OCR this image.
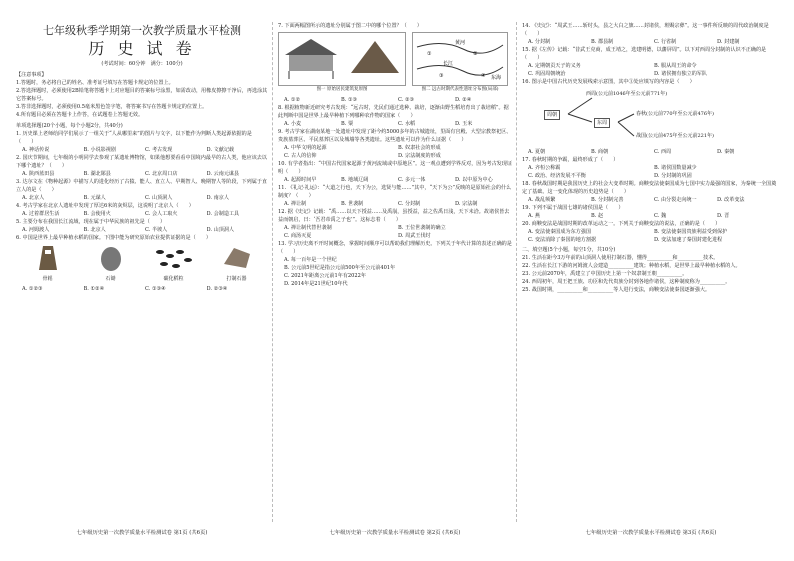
七年级秋季学期第一次教学质量水平检测
历 史 试 卷
(考试时间：60分钟　满分：100分)
【注意事项】
1.答题时，务必将自己的姓名、准考证号填写在答题卡规定的位置上。
2.答选择题时，必须使用2B铅笔将答题卡上对应题目的答案标号涂黑，如需改动，用橡皮擦擦干净后，再选涂其它答案标号。
3.答非选择题时，必须使用0.5毫米黑色签字笔，将答案书写在答题卡规定的位置上。
4.所有题目必须在答题卡上作答，在试题卷上答题无效。
单项选择题(20个小题，每个小题2分，共40分)
1. 历史课上老师给同学们展示了一组关于“人从哪里来”的图片与文字，以下能作为判断人类起源依据的是（　　）
A. 神话传说	B. 小说影视剧	C. 考古发现	D. 文献记载
2. 国庆节期间，七年级的小明同学去参观了某遗址博物馆，如果他想要看看中国境内最早的古人类，他应该去以下哪个遗址？（　　）
A. 陕西蓝田县	B. 湖北郧县	C. 北京周口店	D. 云南元谋县
3. 达尔文在《物种起源》中描写人的进化经历了古猿、能人、直立人、早期智人、晚期智人等阶段，下列属于直立人的是（　　）
A. 北京人	B. 元谋人	C. 山顶洞人	D. 南京人
4. 考古学家在北京人遗址中发现了厚达6米的灰烬层，这说明了北京人（　　）
A. 过着群居生活	B. 会使用火	C. 会人工取火	D. 会制造工具
5. 主要分布在我国长江流域，现在属于中华民族的祖先是（　　）
A. 河姆渡人	B. 北京人	C. 半坡人	D. 山顶洞人
6. 中国是世界上最早种植水稻的国家。下图中能为研究原始农业提供证据的是（　　）
骨耜	石锄	碳化稻粒	打制石器
A. ①②③	B. ①②④	C. ①③④	D. ②③④
7. 下面两幅图所示的遗址分别属于图二中的哪个位置？（　　）
图一 原始居民建筑复原图
黄河
长江
东海
①	②
③	④
图二 远古时期代表性遗址分布图(局部)
A. ①②	B. ①③	C. ②③	D. ②④
8. 根据植物新近研究考古发现：“远古时，先民们通过选种、栽培，逐渐由野生稻培育出了栽培稻”。据此判断中国是世界上最早种植下列哪种农作物的国家（　　）
A. 小麦	B. 粟	C. 水稻	D. 玉米
9. 考古学家在湖南某地一处遗址中发现了距今约5000多年的古城遗址，里面有宫殿、大型宗教祭祀区、贵族墓葬区、平民墓葬区以及城墙等各类遗址。这些遗址可以作为什么证据（　　）
A. 中华文明的起源	B. 奴隶社会的形成
C. 古人的信仰	D. 宗法制度的形成
10. 有学者指出：“中国古代国家起源于黄河流域或中原地区”。这一观点遭到学界反对，因为考古发现证明（　　）
A. 起源时间早	B. 地域辽阔	C. 多元一体	D. 以中原为中心
11. 《礼记·礼运》：“大道之行也，天下为公，选贤与能……”其中，“天下为公”反映的是原始社会的什么制度？（　　）
A. 禅让制	B. 世袭制	C. 分封制	D. 宗法制
12. 据《史记》记载：“禹……以天下授益……及禹崩，虽授益，益之佐禹日浅，天下未洽。故诸侯皆去益而朝启，曰：‘吾君帝禹之子也’”。这标志着（　　）
A. 禅让制代替世袭制	B. 王位世袭制的确立
C. 商汤灭夏	D. 周武王伐纣
13. 学习历史离不开时间概念，掌握时间顺序可以帮助我们理解历史。下列关于年代计算的表述正确的是（　　）
A. 每一百年是一个世纪
B. 公元前5世纪是指公元前500年至公元前401年
C. 2021年距离公元前1年有2022年
D. 2014年是21世纪10年代
14. 《史记》：“周武王……斩纣头，县之大白之旗……封诸侯，班赐宗彝”。这一事件所反映的周代政治制度是（　　）
A. 分封制	B. 郡县制	C. 行省制	D. 封建制
15. 据《左传》记载：“昔武王克商，成王靖之，选建明德，以藩屏周”。以下对西周分封制的认识不正确的是（　　）
A. 定期朝贡天子的义务	B. 服从周王的命令
C. 巩固周朝统治	D. 诸侯拥有独立的军队
16. 图示是中国古代历史发展线索示意图，其中③处应填写的内容是（　　）
西周(公元前1046年至公元前771年)
周朝
东周
春秋(公元前770年至公元前476年)
战国(公元前475年至公元前221年)
A. 夏朝	B. 商朝	C. 西周	D. 秦朝
17. 春秋时期的争霸，最终形成了（　　）
A. 齐桓公称霸	B. 诸侯国数量减少
C. 政治、经济发展不平衡	D. 分封制的巩固
18. 春秋战国时期是我国历史上的社会大变革时期。商鞅变法使秦国成为七国中实力最强的国家，为秦统一全国奠定了基础。这一变化体现的历史趋势是（　　）
A. 战乱频繁	B. 分封制完善	C. 由分裂走向统一	D. 改革变法
19. 下列不属于战国七雄的诸侯国是（　　）
A. 燕	B. 赵	C. 魏	D. 晋
20. 商鞅变法是战国时期的改革运动之一。下列关于商鞅变法的说法，正确的是（　　）
A. 变法使秦国成为东方强国	B. 变法使秦国贵族利益受到保护
C. 变法消除了秦国的地方割据	D. 变法加速了秦国封建化进程
二、填空题(5个小题，每空1分，共10分)
21. 生活在距今3万年前的山顶洞人使用打制石器，懂得__________和__________技术。
22. 生活在长江下游的河姆渡人会建造__________建筑；种植水稻，是世界上最早种植水稻的人。
23. 公元前2070年，禹建立了中国历史上第一个奴隶制王朝__________。
24. 西周初年，周王把王族、功臣和先代贵族分封到各地作诸侯，这种制度称为__________。
25. 战国时期，__________和__________等人进行变法，商鞅变法使秦国逐渐强大。
七年级历史第一次教学质量水平检测试卷 第1页 (共6页)	七年级历史第一次教学质量水平检测试卷 第2页 (共6页)	七年级历史第一次教学质量水平检测试卷 第3页 (共6页)
